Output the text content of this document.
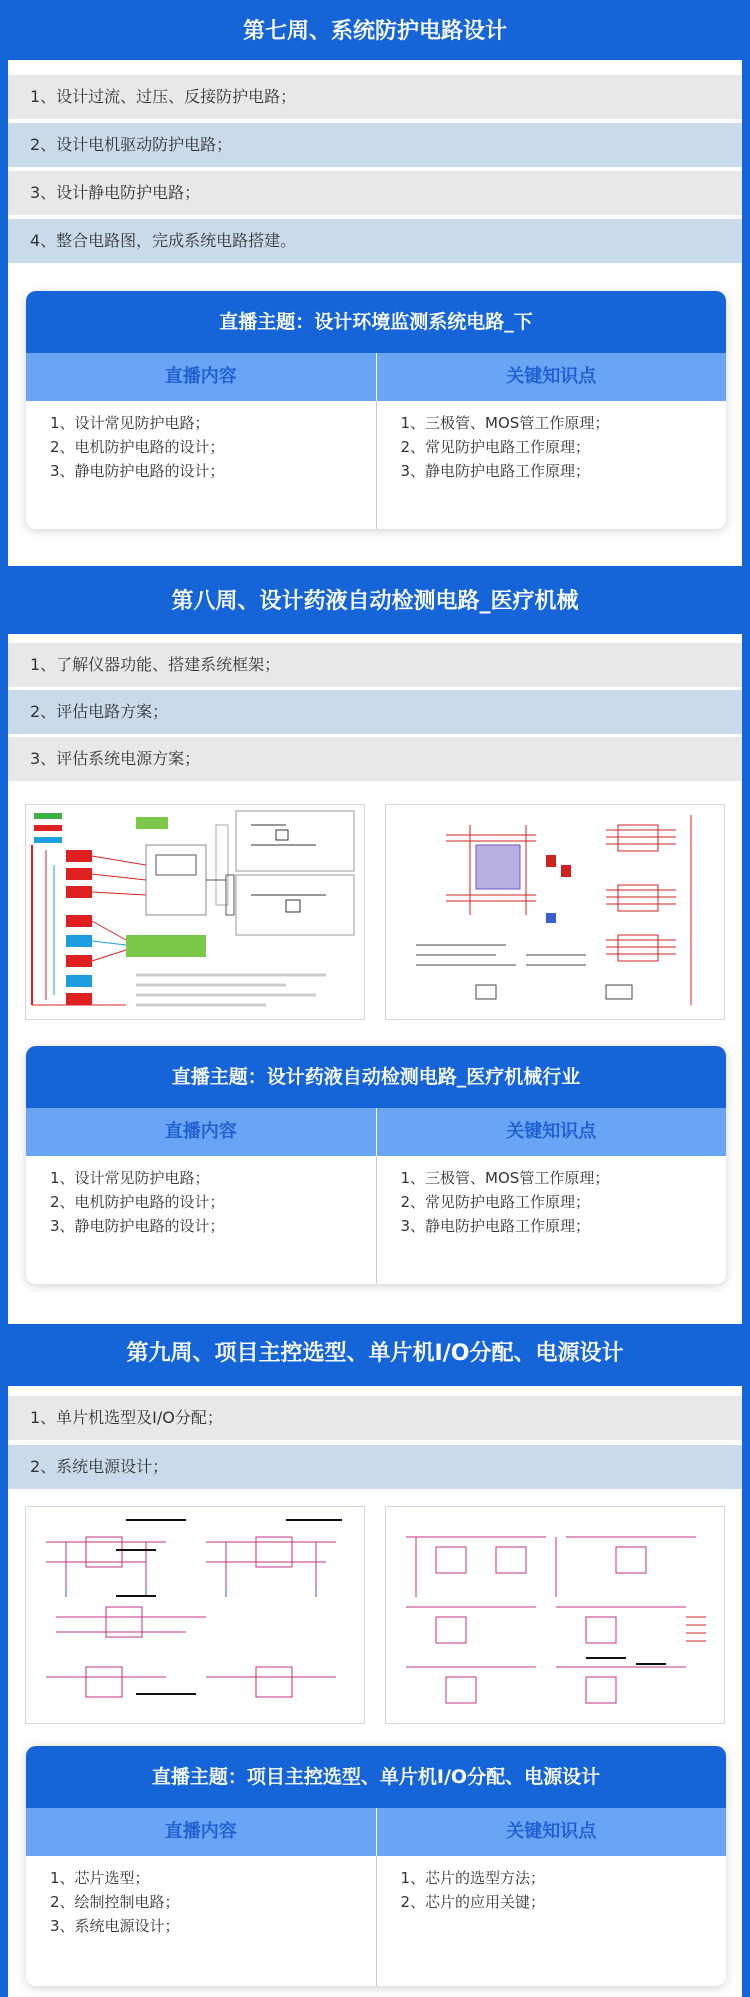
第七周、系统防护电路设计
1、设计过流、过压、反接防护电路；
2、设计电机驱动防护电路；
3、设计静电防护电路；
4、整合电路图，完成系统电路搭建。
直播主题：设计环境监测系统电路_下
直播内容	关键知识点
1、设计常见防护电路；
2、电机防护电路的设计；
3、静电防护电路的设计；
1、三极管、MOS管工作原理；
2、常见防护电路工作原理；
3、静电防护电路工作原理；
第八周、设计药液自动检测电路_医疗机械
1、了解仪器功能、搭建系统框架；
2、评估电路方案；
3、评估系统电源方案；
直播主题：设计药液自动检测电路_医疗机械行业
直播内容	关键知识点
1、设计常见防护电路；
2、电机防护电路的设计；
3、静电防护电路的设计；
1、三极管、MOS管工作原理；
2、常见防护电路工作原理；
3、静电防护电路工作原理；
第九周、项目主控选型、单片机I/O分配、电源设计
1、单片机选型及I/O分配；
2、系统电源设计；
直播主题：项目主控选型、单片机I/O分配、电源设计
直播内容	关键知识点
1、芯片选型；
2、绘制控制电路；
3、系统电源设计；
1、芯片的选型方法；
2、芯片的应用关键；
